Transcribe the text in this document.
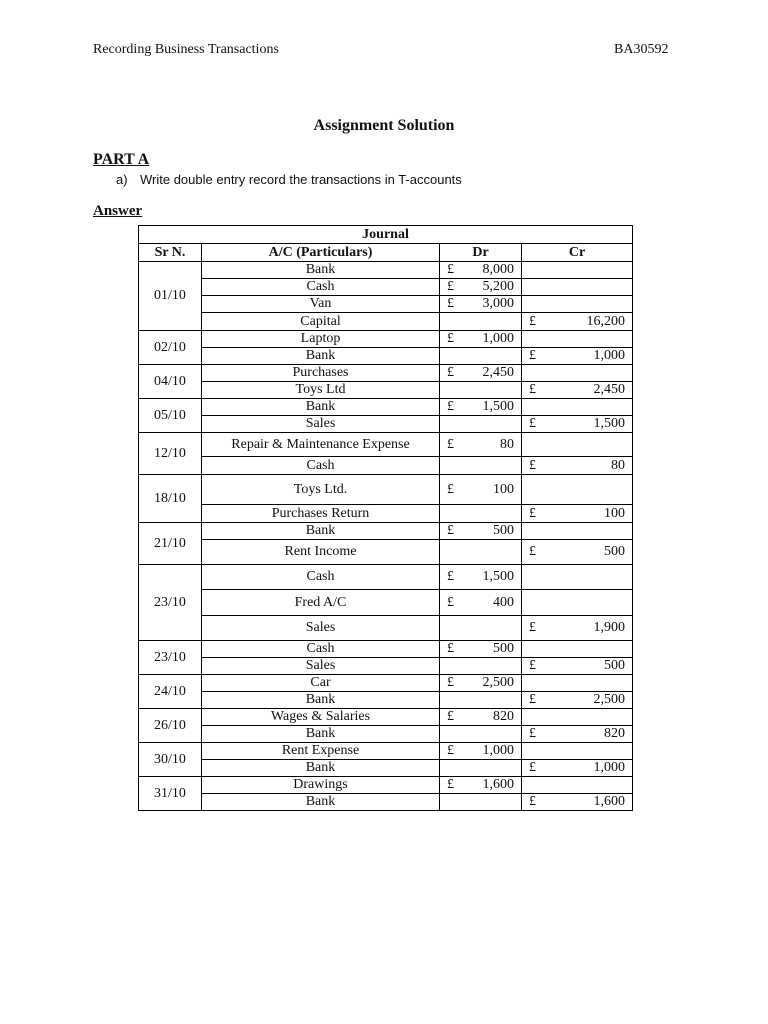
Recording Business Transactions	BA30592
Assignment Solution
PART A
a) Write double entry record the transactions in T-accounts
Answer
Journal			
Sr N.	A/C (Particulars)	Dr	Cr
01/10	Bank	£ 8,000	

	Cash	£ 5,200	

	Van	£ 3,000	

	Capital		£ 16,200

02/10	Laptop	£ 1,000	

	Bank		£ 1,000

04/10	Purchases	£ 2,450	

	Toys Ltd		£ 2,450

05/10	Bank	£ 1,500	

	Sales		£ 1,500

12/10	Repair & Maintenance Expense	£ 80	

	Cash		£ 80

18/10	Toys Ltd.	£ 100	

	Purchases Return		£ 100

21/10	Bank	£ 500	

	Rent Income		£ 500

23/10	Cash	£ 1,500	

	Fred A/C	£ 400	

	Sales		£ 1,900

23/10	Cash	£ 500	

	Sales		£ 500

24/10	Car	£ 2,500	

	Bank		£ 2,500

26/10	Wages & Salaries	£ 820	

	Bank		£ 820

30/10	Rent Expense	£ 1,000	

	Bank		£ 1,000

31/10	Drawings	£ 1,600	

	Bank		£ 1,600
